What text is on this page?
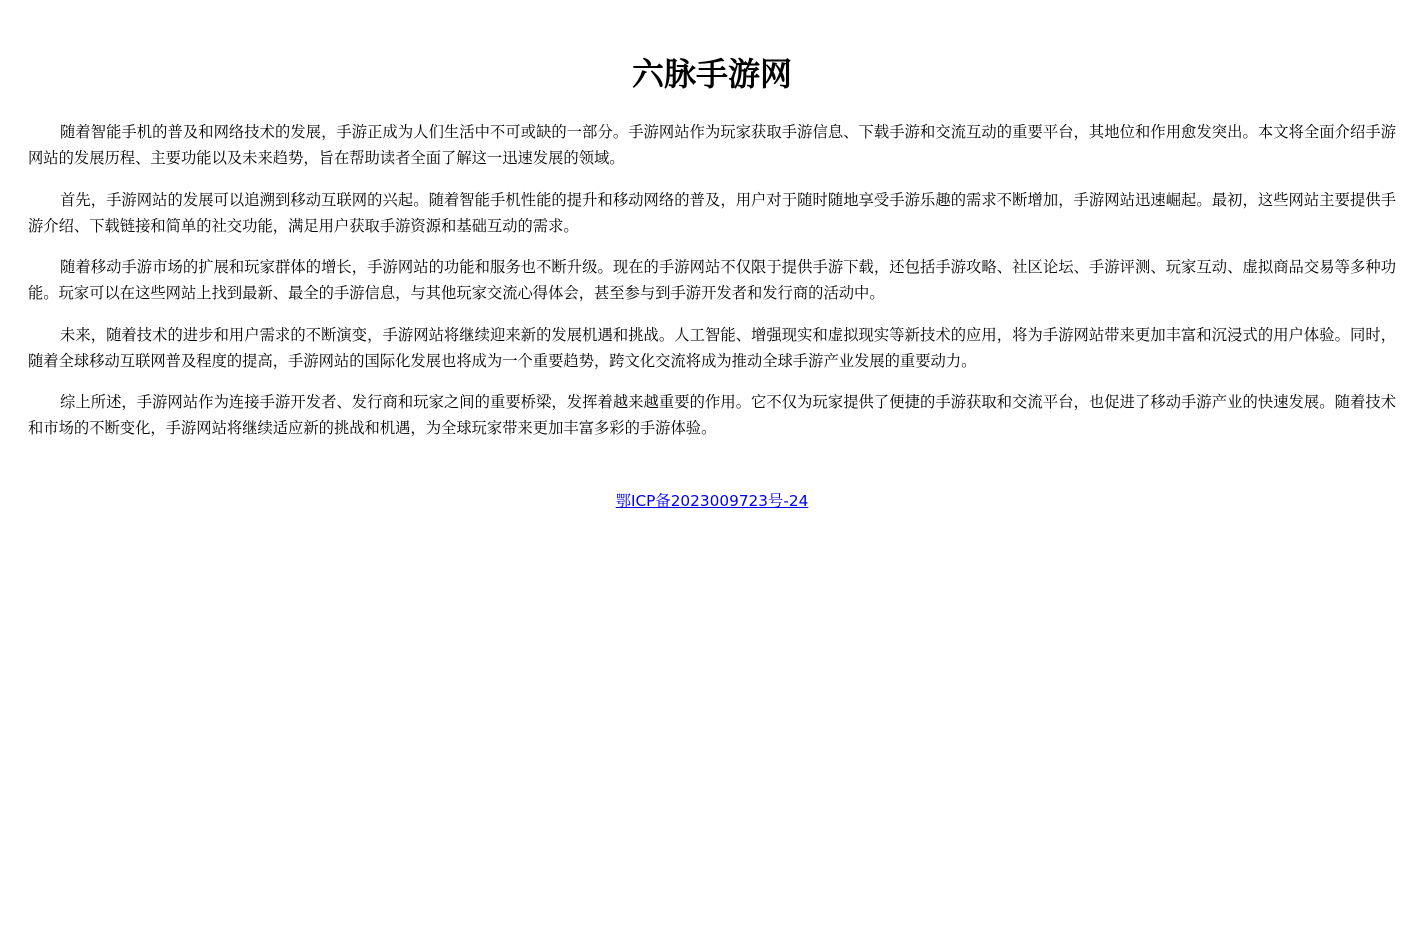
六脉手游网

随着智能手机的普及和网络技术的发展，手游正成为人们生活中不可或缺的一部分。手游网站作为玩家获取手游信息、下载手游和交流互动的重要平台，其地位和作用愈发突出。本文将全面介绍手游网站的发展历程、主要功能以及未来趋势，旨在帮助读者全面了解这一迅速发展的领域。

首先，手游网站的发展可以追溯到移动互联网的兴起。随着智能手机性能的提升和移动网络的普及，用户对于随时随地享受手游乐趣的需求不断增加，手游网站迅速崛起。最初，这些网站主要提供手游介绍、下载链接和简单的社交功能，满足用户获取手游资源和基础互动的需求。

随着移动手游市场的扩展和玩家群体的增长，手游网站的功能和服务也不断升级。现在的手游网站不仅限于提供手游下载，还包括手游攻略、社区论坛、手游评测、玩家互动、虚拟商品交易等多种功能。玩家可以在这些网站上找到最新、最全的手游信息，与其他玩家交流心得体会，甚至参与到手游开发者和发行商的活动中。

未来，随着技术的进步和用户需求的不断演变，手游网站将继续迎来新的发展机遇和挑战。人工智能、增强现实和虚拟现实等新技术的应用，将为手游网站带来更加丰富和沉浸式的用户体验。同时，随着全球移动互联网普及程度的提高，手游网站的国际化发展也将成为一个重要趋势，跨文化交流将成为推动全球手游产业发展的重要动力。

综上所述，手游网站作为连接手游开发者、发行商和玩家之间的重要桥梁，发挥着越来越重要的作用。它不仅为玩家提供了便捷的手游获取和交流平台，也促进了移动手游产业的快速发展。随着技术和市场的不断变化，手游网站将继续适应新的挑战和机遇，为全球玩家带来更加丰富多彩的手游体验。

鄂ICP备2023009723号-24
